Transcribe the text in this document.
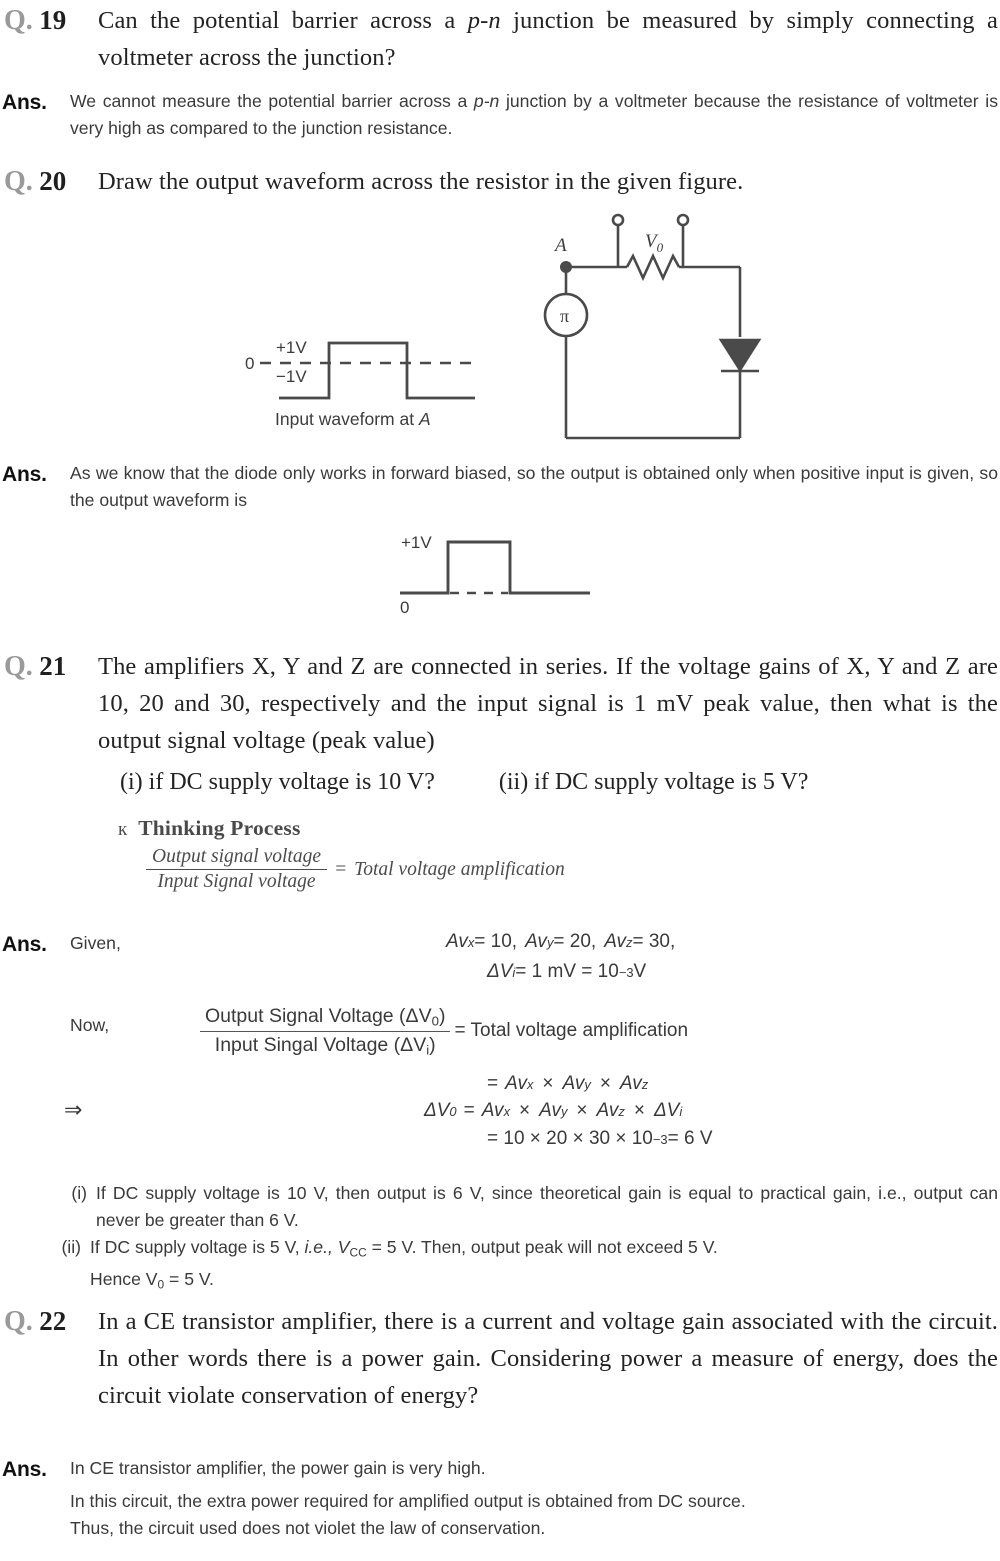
Q. 19	Can the potential barrier across a p-n junction be measured by simply connecting a voltmeter across the junction?
Ans.	We cannot measure the potential barrier across a p-n junction by a voltmeter because the resistance of voltmeter is very high as compared to the junction resistance.
Q. 20	Draw the output waveform across the resistor in the given figure.
0
+1V
−1V
Input waveform at A
A	$V_0$
π
Ans.	As we know that the diode only works in forward biased, so the output is obtained only when positive input is given, so the output waveform is
+1V
0
Q. 21	The amplifiers X, Y and Z are connected in series. If the voltage gains of X, Y and Z are 10, 20 and 30, respectively and the input signal is 1 mV peak value, then what is the output signal voltage (peak value)
(i) if DC supply voltage is 10 V?	(ii) if DC supply voltage is 5 V?
к Thinking Process
$\frac{\text{Output signal voltage}}{\text{Input Signal voltage}}$ = Total voltage amplification
Ans.	Given,	Av x = 10, Av y = 20, Av z = 30,
ΔV i = 1 mV = 10 −3 V

Now,	$\frac{Output Signal Voltage (\Delta V_0)}{Input Singal Voltage (\Delta V_i)}$ = Total voltage amplification
= Av x × Av y × Av z
⇒	ΔV 0 = Av x × Av y × Av z × ΔV i
= 10 × 20 × 30 × 10 −3 = 6 V
(i) If DC supply voltage is 10 V, then output is 6 V, since theoretical gain is equal to practical gain, i.e., output can never be greater than 6 V.
(ii) If DC supply voltage is 5 V, i.e., $V_{CC} = 5$ V. Then, output peak will not exceed 5 V.
Hence $V_0 = 5$ V.
Q. 22	In a CE transistor amplifier, there is a current and voltage gain associated with the circuit. In other words there is a power gain. Considering power a measure of energy, does the circuit violate conservation of energy?
Ans.	In CE transistor amplifier, the power gain is very high.
In this circuit, the extra power required for amplified output is obtained from DC source.
Thus, the circuit used does not violet the law of conservation.
